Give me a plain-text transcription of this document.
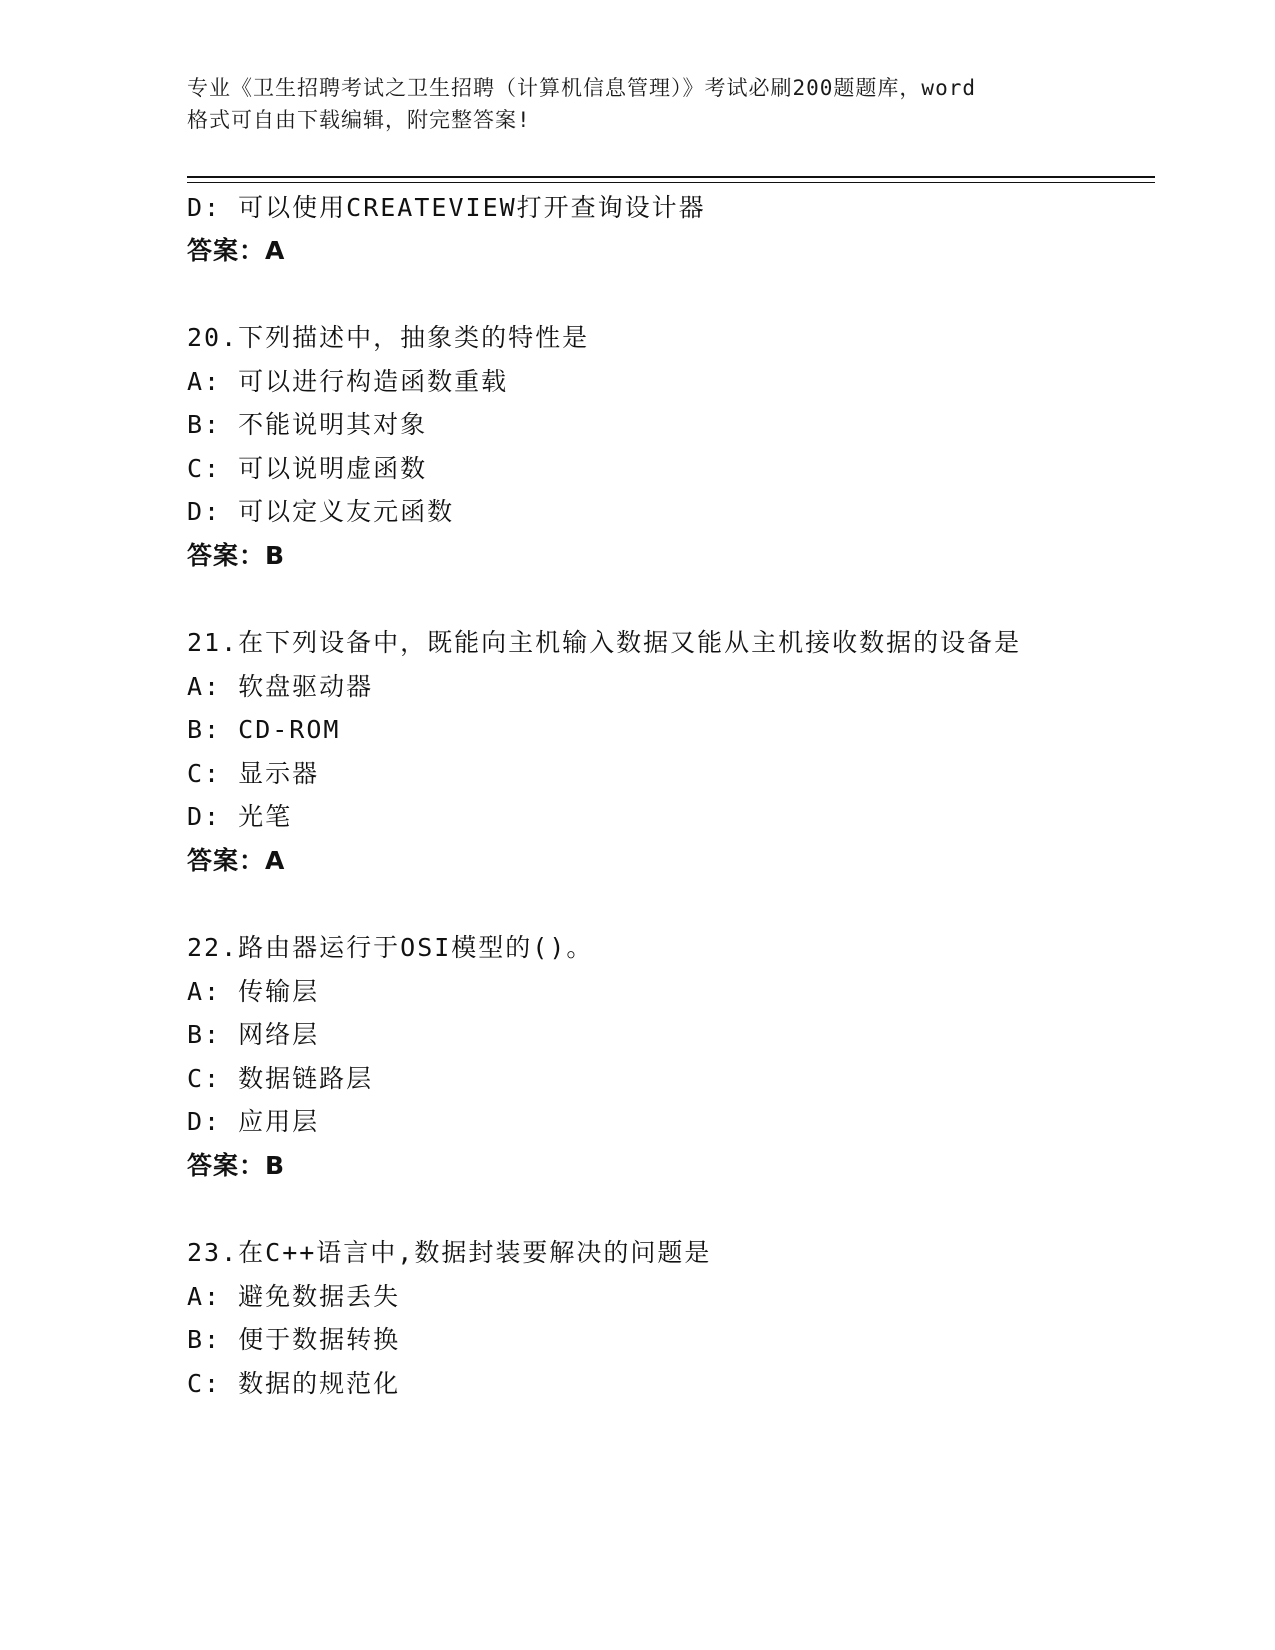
专业《卫生招聘考试之卫生招聘（计算机信息管理）》考试必刷200题题库，word
格式可自由下载编辑，附完整答案!
D: 可以使用CREATEVIEW打开查询设计器
答案：A
20.下列描述中，抽象类的特性是
A: 可以进行构造函数重载
B: 不能说明其对象
C: 可以说明虚函数
D: 可以定义友元函数
答案：B
21.在下列设备中，既能向主机输入数据又能从主机接收数据的设备是
A: 软盘驱动器
B: CD-ROM
C: 显示器
D: 光笔
答案：A
22.路由器运行于OSI模型的()。
A: 传输层
B: 网络层
C: 数据链路层
D: 应用层
答案：B
23.在C++语言中,数据封装要解决的问题是
A: 避免数据丢失
B: 便于数据转换
C: 数据的规范化
